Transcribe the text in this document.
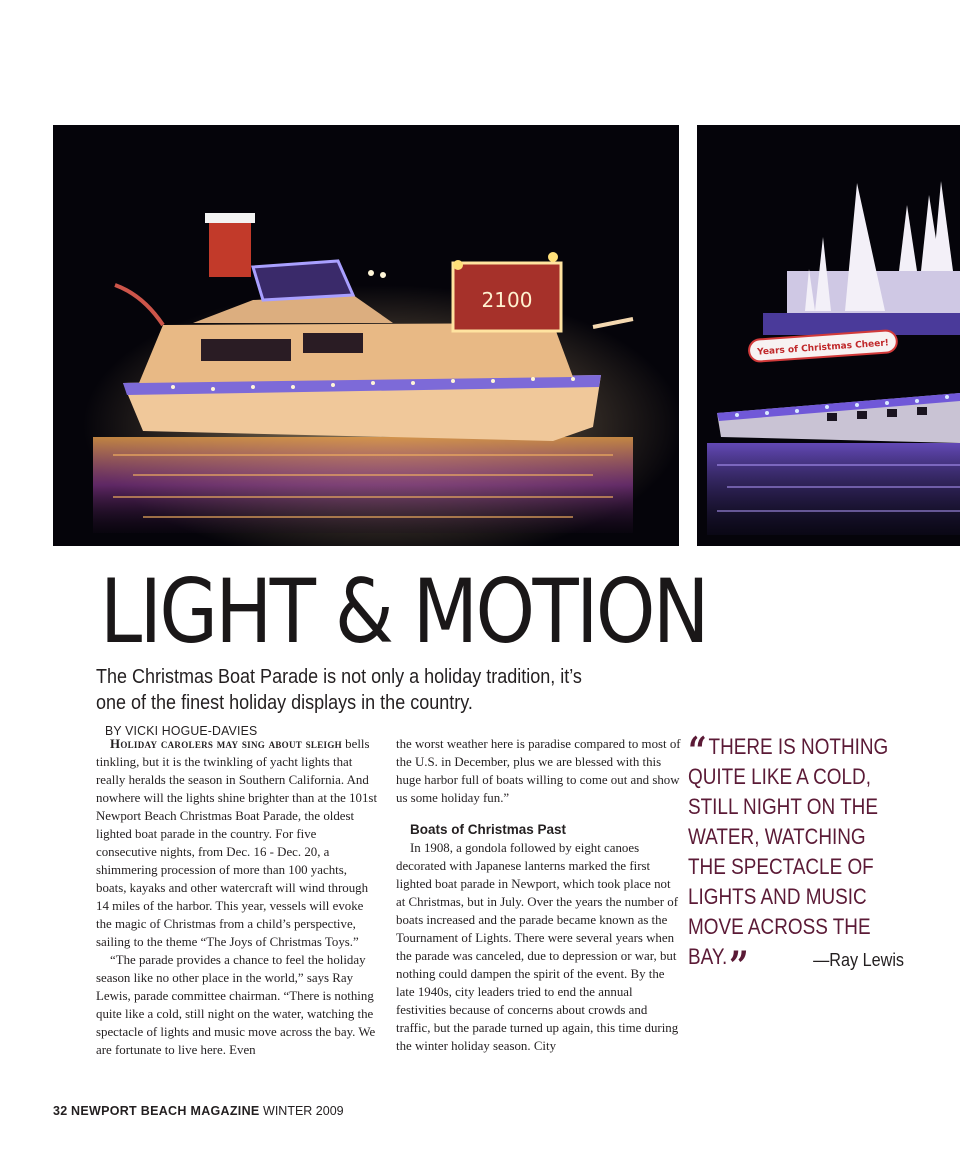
2100
Years of Christmas Cheer!
LIGHT & MOTION
The Christmas Boat Parade is not only a holiday tradition, it’s one of the finest holiday displays in the country.BY VICKI HOGUE-DAVIES

Holiday carolers may sing about sleigh bells tinkling, but it is the twinkling of yacht lights that really heralds the season in Southern California. And nowhere will the lights shine brighter than at the 101st Newport Beach Christmas Boat Parade, the oldest lighted boat parade in the country. For five consecutive nights, from Dec. 16 - Dec. 20, a shimmering procession of more than 100 yachts, boats, kayaks and other watercraft will wind through 14 miles of the harbor. This year, vessels will evoke the magic of Christmas from a child’s perspective, sailing to the theme “The Joys of Christmas Toys.”

“The parade provides a chance to feel the holiday season like no other place in the world,” says Ray Lewis, parade committee chairman. “There is nothing quite like a cold, still night on the water, watching the spectacle of lights and music move across the bay. We are fortunate to live here. Even

the worst weather here is paradise compared to most of the U.S. in December, plus we are blessed with this huge harbor full of boats willing to come out and show us some holiday fun.”

Boats of Christmas Past

In 1908, a gondola followed by eight canoes decorated with Japanese lanterns marked the first lighted boat parade in Newport, which took place not at Christmas, but in July. Over the years the number of boats increased and the parade became known as the Tournament of Lights. There were several years when the parade was canceled, due to depression or war, but nothing could dampen the spirit of the event. By the late 1940s, city leaders tried to end the annual festivities because of concerns about crowds and traffic, but the parade turned up again, this time during the winter holiday season. City

“THERE IS NOTHING QUITE LIKE A COLD, STILL NIGHT ON THE WATER, WATCHING THE SPECTACLE OF LIGHTS AND MUSIC MOVE ACROSS THE BAY.”	—Ray Lewis
32 NEWPORT BEACH MAGAZINE WINTER 2009
